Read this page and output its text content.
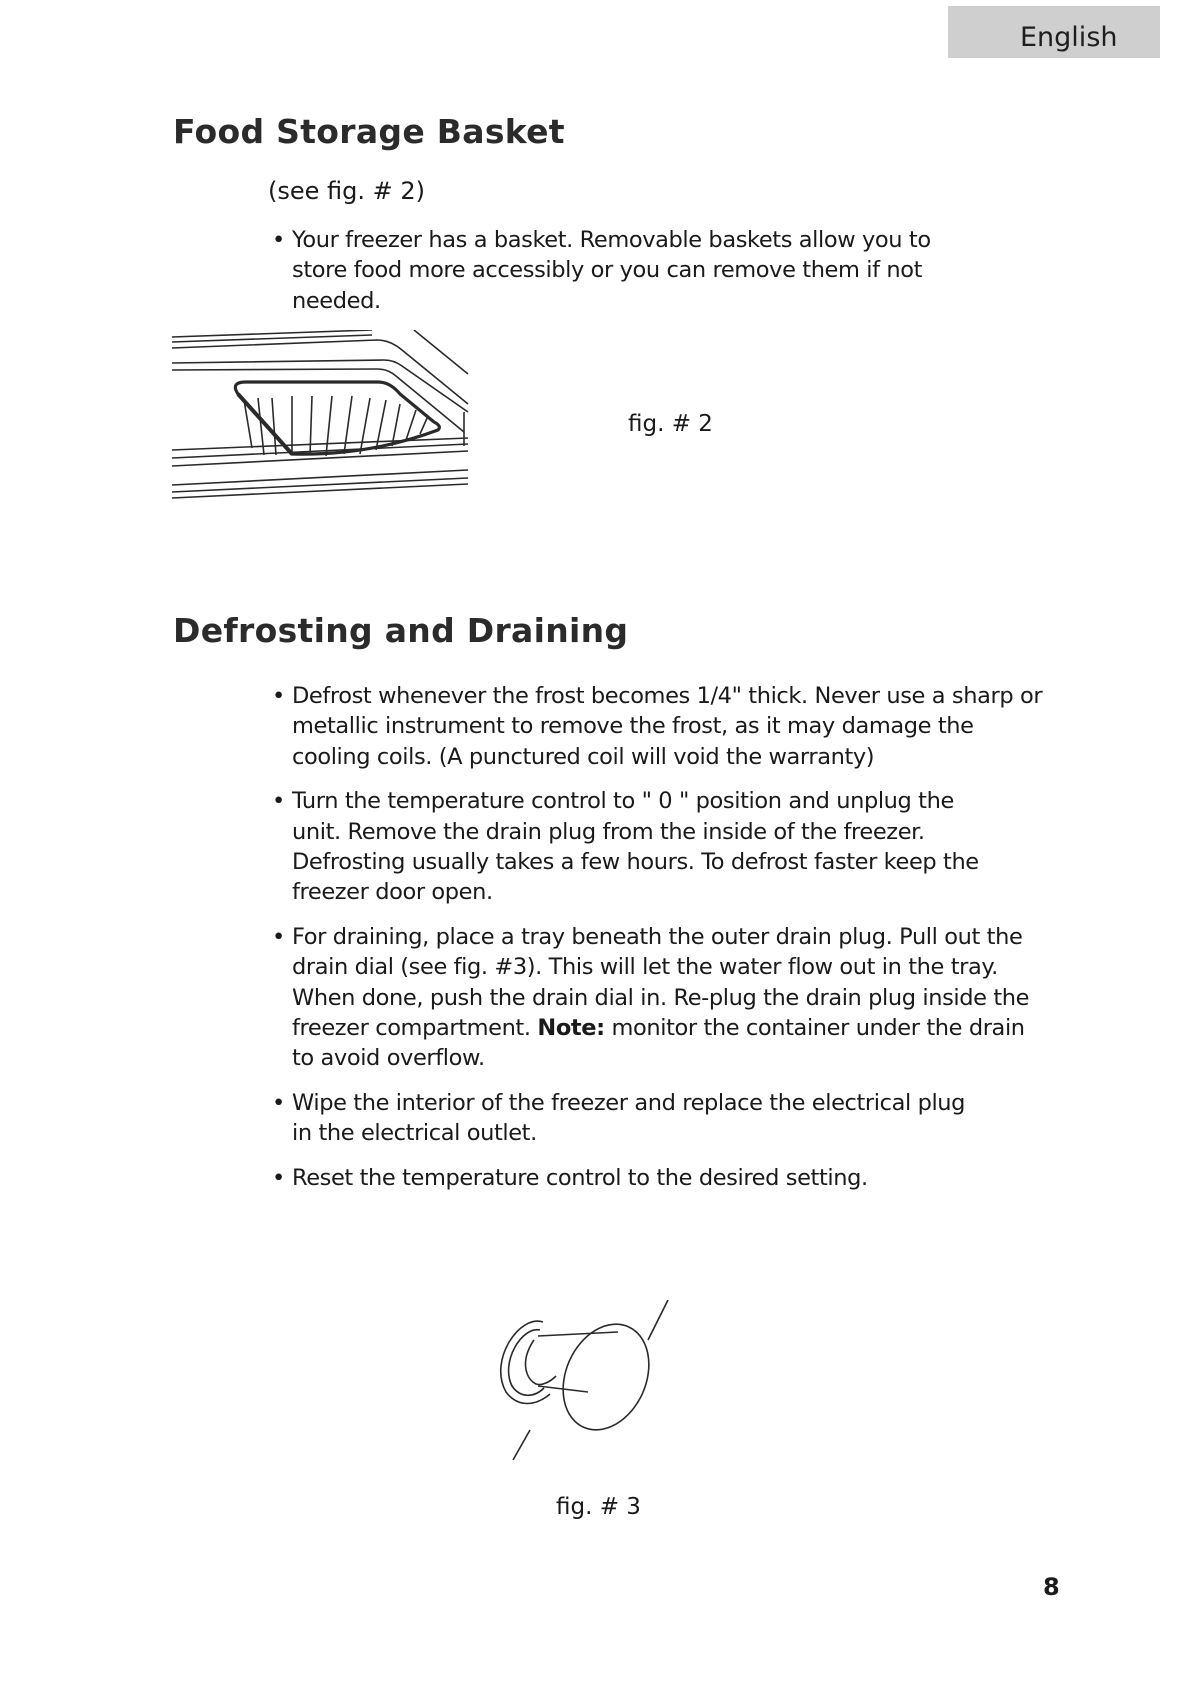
English
Food Storage Basket
(see fig. # 2)
• Your freezer has a basket. Removable baskets allow you to store food more accessibly or you can remove them if not needed.
fig. # 2
Defrosting and Draining
• Defrost whenever the frost becomes 1/4" thick. Never use a sharp or metallic instrument to remove the frost, as it may damage the cooling coils. (A punctured coil will void the warranty)
• Turn the temperature control to " 0 " position and unplug the unit. Remove the drain plug from the inside of the freezer. Defrosting usually takes a few hours. To defrost faster keep the freezer door open.
• For draining, place a tray beneath the outer drain plug. Pull out the drain dial (see fig. #3). This will let the water flow out in the tray. When done, push the drain dial in. Re-plug the drain plug inside the freezer compartment. Note: monitor the container under the drain to avoid overflow.
• Wipe the interior of the freezer and replace the electrical plug in the electrical outlet.
• Reset the temperature control to the desired setting.
fig. # 3
8
